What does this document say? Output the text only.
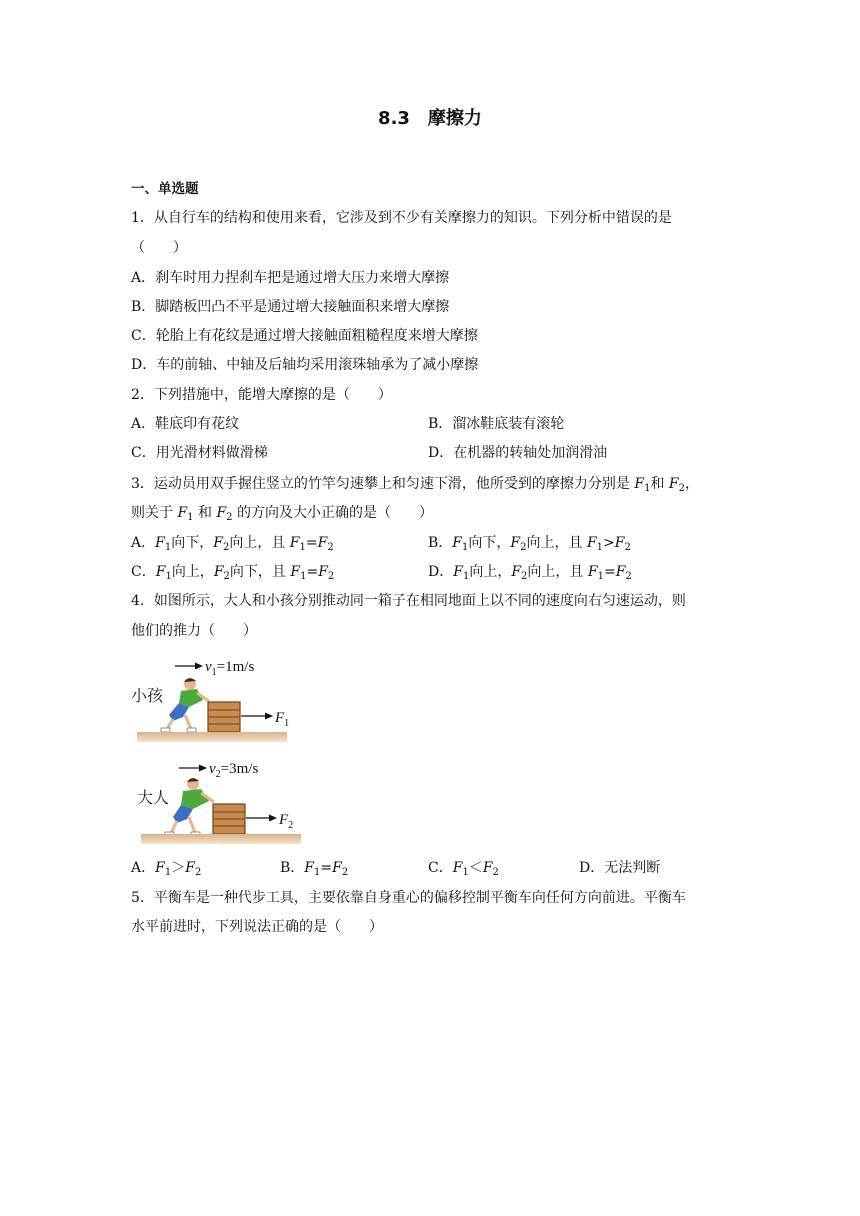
8.3　摩擦力
一、单选题
1．从自行车的结构和使用来看，它涉及到不少有关摩擦力的知识。下列分析中错误的是
（　　）
A．刹车时用力捏刹车把是通过增大压力来增大摩擦
B．脚踏板凹凸不平是通过增大接触面积来增大摩擦
C．轮胎上有花纹是通过增大接触面粗糙程度来增大摩擦
D．车的前轴、中轴及后轴均采用滚珠轴承为了减小摩擦
2．下列措施中，能增大摩擦的是（　　）
A．鞋底印有花纹	B．溜冰鞋底装有滚轮
C．用光滑材料做滑梯	D．在机器的转轴处加润滑油
3．运动员用双手握住竖立的竹竿匀速攀上和匀速下滑，他所受到的摩擦力分别是 $F_1$和 $F_2$，
则关于 $F_1$ 和 $F_2$ 的方向及大小正确的是（　　）
A．$F_1$向下，$F_2$向上，且 $F_1=F_2$	B．$F_1$向下，$F_2$向上，且 $F_1>F_2$
C．$F_1$向上，$F_2$向下，且 $F_1=F_2$	D．$F_1$向上，$F_2$向上，且 $F_1=F_2$
4．如图所示，大人和小孩分别推动同一箱子在相同地面上以不同的速度向右匀速运动，则
他们的推力（　　）
$v_1=1m/s$
小孩
$F_1$
$v_2=3m/s$
大人
$F_2$
A．$F_1>F_2$	B．$F_1=F_2$	C．$F_1<F_2$	D．无法判断
5．平衡车是一种代步工具，主要依靠自身重心的偏移控制平衡车向任何方向前进。平衡车
水平前进时，下列说法正确的是（　　）
